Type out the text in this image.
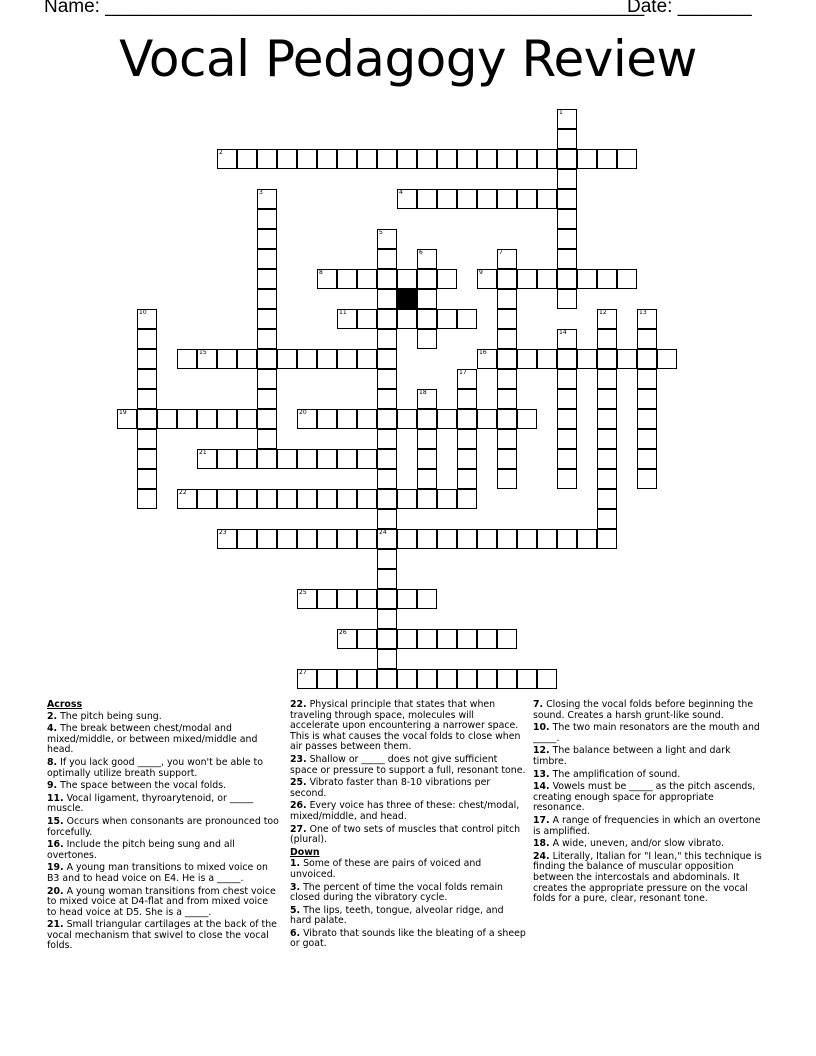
Name: ___________________________________________________
Date: _______
Vocal Pedagogy Review
2
4
8	9
11
15	16
19	20
21
22
23	24
25
26
27
1
3
5
6	7
10	12	13
14
17
18
Across
2. The pitch being sung.
4. The break between chest/modal and mixed/middle, or between mixed/middle and head.
8. If you lack good _____, you won't be able to optimally utilize breath support.
9. The space between the vocal folds.
11. Vocal ligament, thyroarytenoid, or _____ muscle.
15. Occurs when consonants are pronounced too forcefully.
16. Include the pitch being sung and all overtones.
19. A young man transitions to mixed voice on B3 and to head voice on E4. He is a _____.
20. A young woman transitions from chest voice to mixed voice at D4-flat and from mixed voice to head voice at D5. She is a _____.
21. Small triangular cartilages at the back of the vocal mechanism that swivel to close the vocal folds.
22. Physical principle that states that when traveling through space, molecules will accelerate upon encountering a narrower space. This is what causes the vocal folds to close when air passes between them.
23. Shallow or _____ does not give sufficient space or pressure to support a full, resonant tone.
25. Vibrato faster than 8-10 vibrations per second.
26. Every voice has three of these: chest/modal, mixed/middle, and head.
27. One of two sets of muscles that control pitch (plural).
Down
1. Some of these are pairs of voiced and unvoiced.
3. The percent of time the vocal folds remain closed during the vibratory cycle.
5. The lips, teeth, tongue, alveolar ridge, and hard palate.
6. Vibrato that sounds like the bleating of a sheep or goat.
7. Closing the vocal folds before beginning the sound. Creates a harsh grunt-like sound.
10. The two main resonators are the mouth and _____.
12. The balance between a light and dark timbre.
13. The amplification of sound.
14. Vowels must be _____ as the pitch ascends, creating enough space for appropriate resonance.
17. A range of frequencies in which an overtone is amplified.
18. A wide, uneven, and/or slow vibrato.
24. Literally, Italian for "I lean," this technique is finding the balance of muscular opposition between the intercostals and abdominals. It creates the appropriate pressure on the vocal folds for a pure, clear, resonant tone.
